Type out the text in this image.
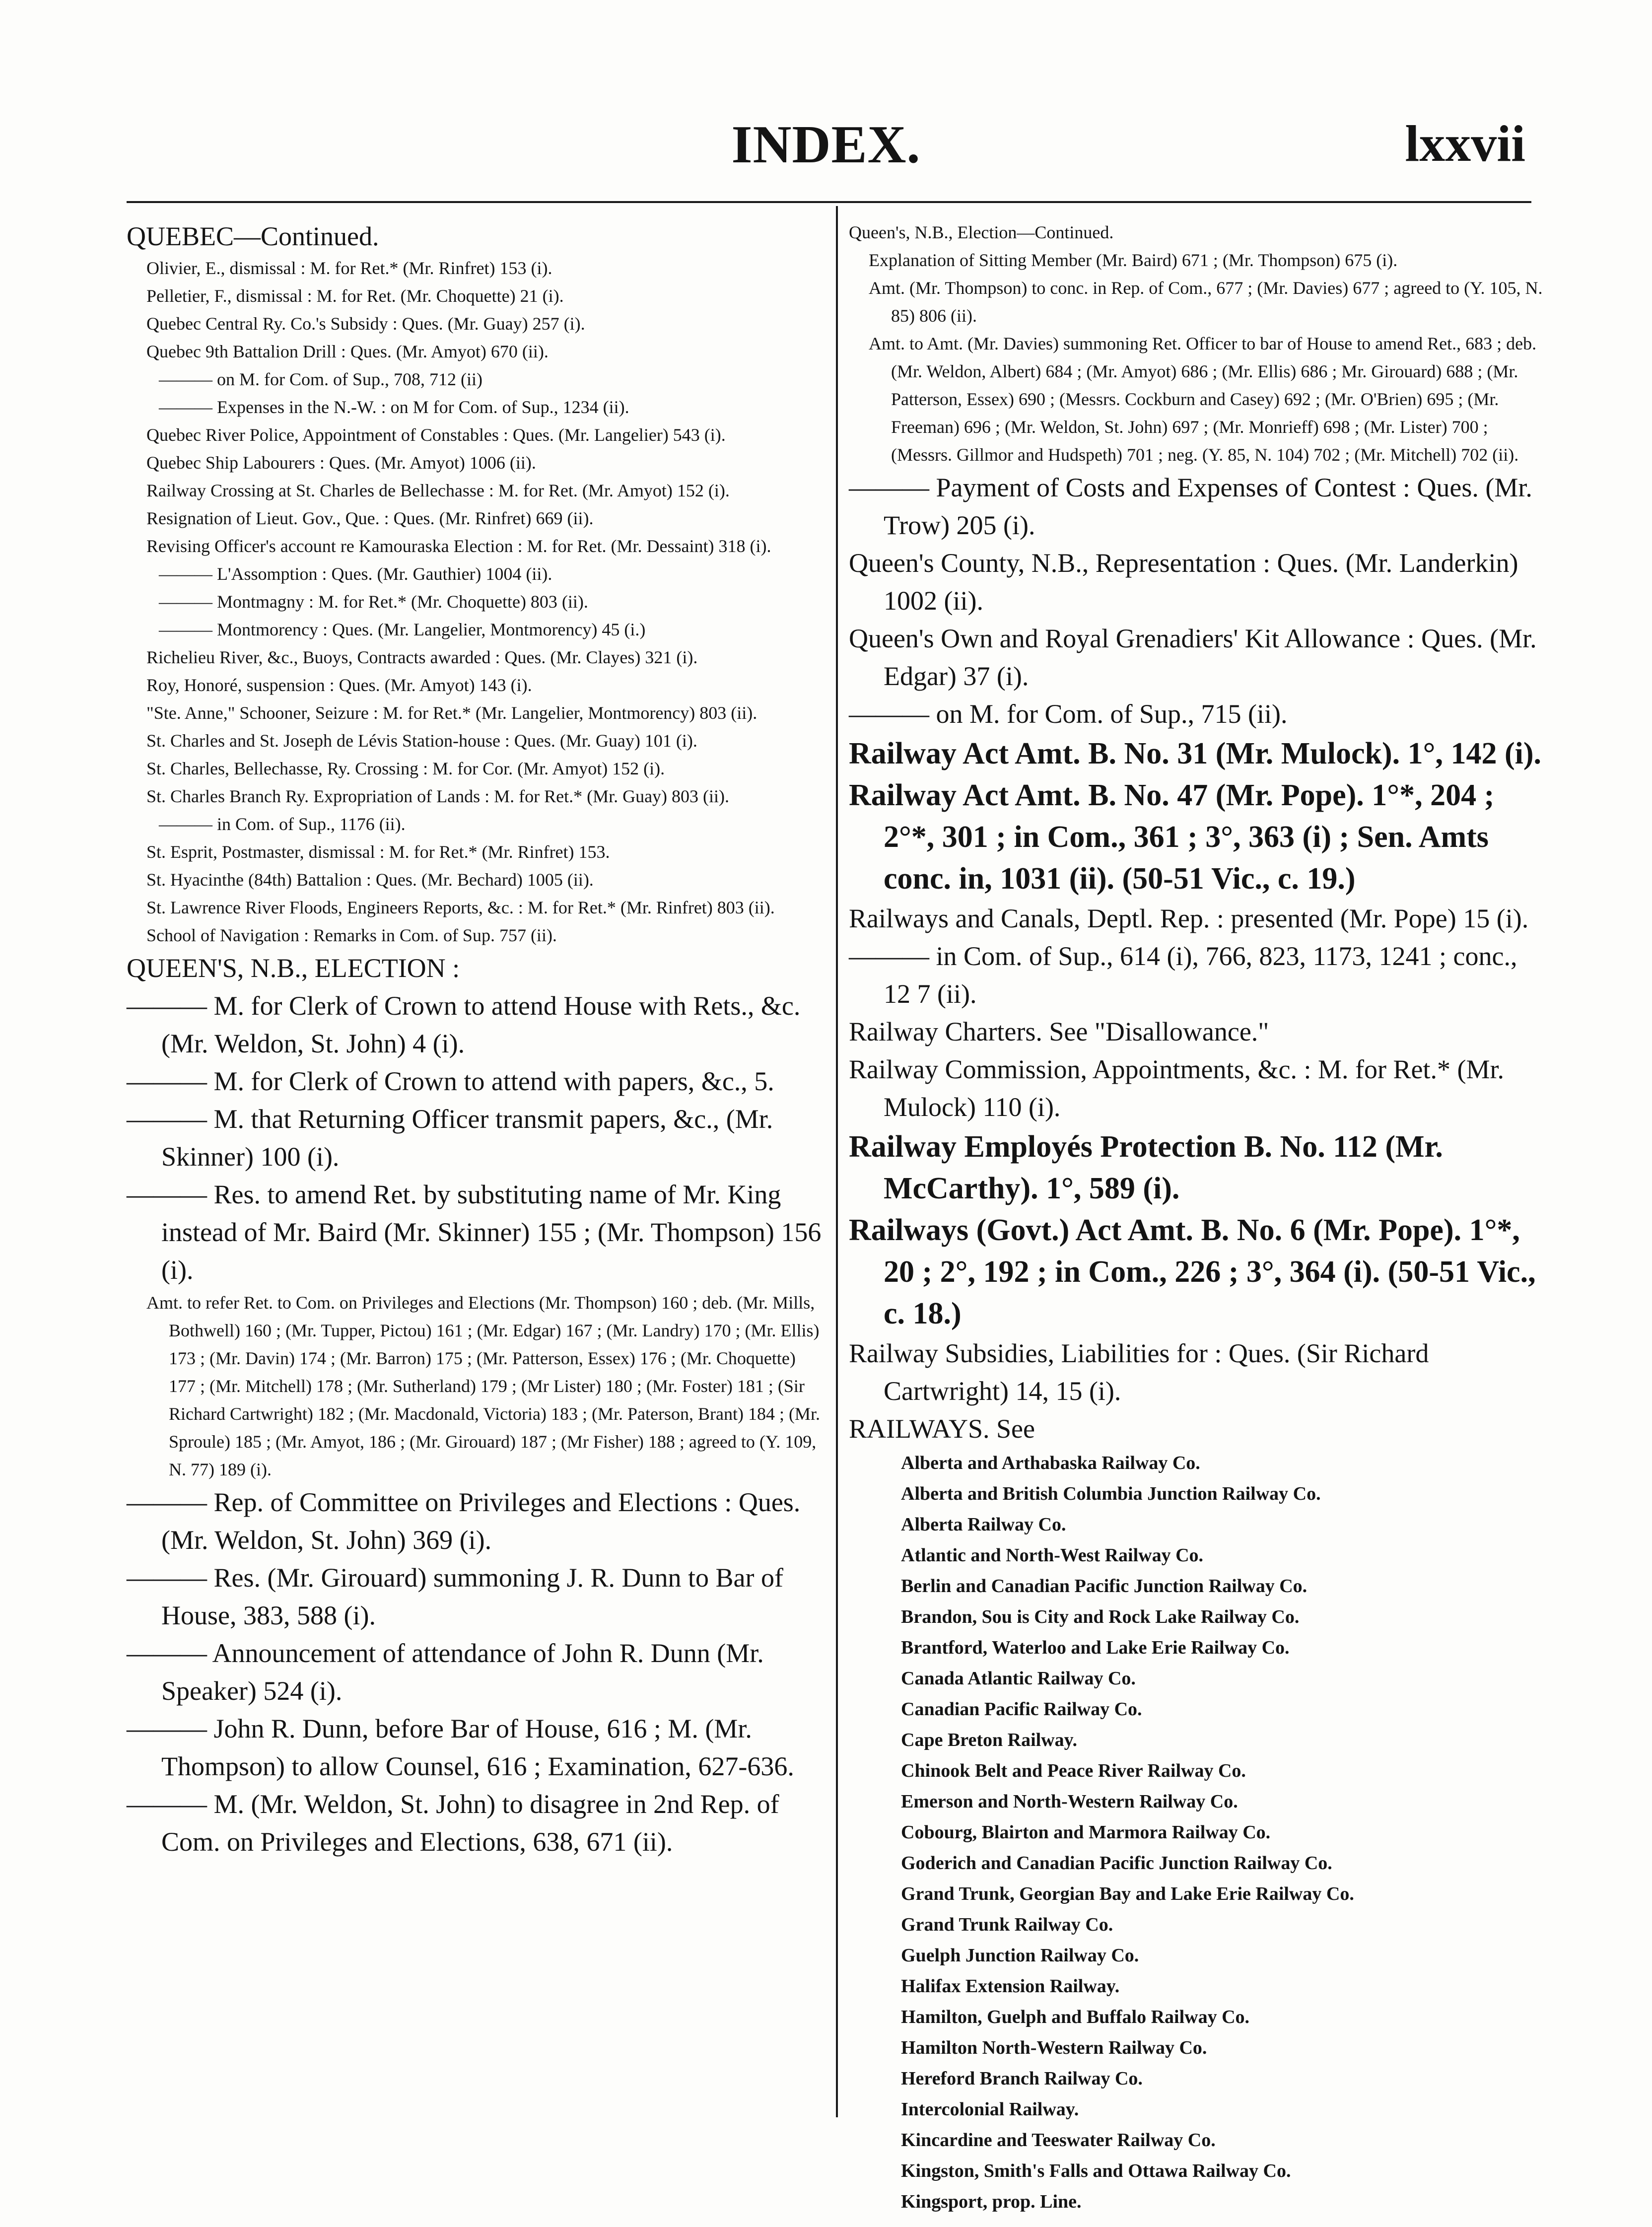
INDEX.	lxxvii

QUEBEC—Continued.

Olivier, E., dismissal : M. for Ret.* (Mr. Rinfret) 153 (i).

Pelletier, F., dismissal : M. for Ret. (Mr. Choquette) 21 (i).

Quebec Central Ry. Co.'s Subsidy : Ques. (Mr. Guay) 257 (i).

Quebec 9th Battalion Drill : Ques. (Mr. Amyot) 670 (ii).

——— on M. for Com. of Sup., 708, 712 (ii)

——— Expenses in the N.-W. : on M for Com. of Sup., 1234 (ii).

Quebec River Police, Appointment of Constables : Ques. (Mr. Langelier) 543 (i).

Quebec Ship Labourers : Ques. (Mr. Amyot) 1006 (ii).

Railway Crossing at St. Charles de Bellechasse : M. for Ret. (Mr. Amyot) 152 (i).

Resignation of Lieut. Gov., Que. : Ques. (Mr. Rinfret) 669 (ii).

Revising Officer's account re Kamouraska Election : M. for Ret. (Mr. Dessaint) 318 (i).

——— L'Assomption : Ques. (Mr. Gauthier) 1004 (ii).

——— Montmagny : M. for Ret.* (Mr. Choquette) 803 (ii).

——— Montmorency : Ques. (Mr. Langelier, Montmorency) 45 (i.)

Richelieu River, &c., Buoys, Contracts awarded : Ques. (Mr. Clayes) 321 (i).

Roy, Honoré, suspension : Ques. (Mr. Amyot) 143 (i).

"Ste. Anne," Schooner, Seizure : M. for Ret.* (Mr. Langelier, Montmorency) 803 (ii).

St. Charles and St. Joseph de Lévis Station-house : Ques. (Mr. Guay) 101 (i).

St. Charles, Bellechasse, Ry. Crossing : M. for Cor. (Mr. Amyot) 152 (i).

St. Charles Branch Ry. Expropriation of Lands : M. for Ret.* (Mr. Guay) 803 (ii).

——— in Com. of Sup., 1176 (ii).

St. Esprit, Postmaster, dismissal : M. for Ret.* (Mr. Rinfret) 153.

St. Hyacinthe (84th) Battalion : Ques. (Mr. Bechard) 1005 (ii).

St. Lawrence River Floods, Engineers Reports, &c. : M. for Ret.* (Mr. Rinfret) 803 (ii).

School of Navigation : Remarks in Com. of Sup. 757 (ii).

QUEEN'S, N.B., ELECTION :

——— M. for Clerk of Crown to attend House with Rets., &c. (Mr. Weldon, St. John) 4 (i).

——— M. for Clerk of Crown to attend with papers, &c., 5.

——— M. that Returning Officer transmit papers, &c., (Mr. Skinner) 100 (i).

——— Res. to amend Ret. by substituting name of Mr. King instead of Mr. Baird (Mr. Skinner) 155 ; (Mr. Thompson) 156 (i).

Amt. to refer Ret. to Com. on Privileges and Elections (Mr. Thompson) 160 ; deb. (Mr. Mills, Bothwell) 160 ; (Mr. Tupper, Pictou) 161 ; (Mr. Edgar) 167 ; (Mr. Landry) 170 ; (Mr. Ellis) 173 ; (Mr. Davin) 174 ; (Mr. Barron) 175 ; (Mr. Patterson, Essex) 176 ; (Mr. Choquette) 177 ; (Mr. Mitchell) 178 ; (Mr. Sutherland) 179 ; (Mr Lister) 180 ; (Mr. Foster) 181 ; (Sir Richard Cartwright) 182 ; (Mr. Macdonald, Victoria) 183 ; (Mr. Paterson, Brant) 184 ; (Mr. Sproule) 185 ; (Mr. Amyot, 186 ; (Mr. Girouard) 187 ; (Mr Fisher) 188 ; agreed to (Y. 109, N. 77) 189 (i).

——— Rep. of Committee on Privileges and Elections : Ques. (Mr. Weldon, St. John) 369 (i).

——— Res. (Mr. Girouard) summoning J. R. Dunn to Bar of House, 383, 588 (i).

——— Announcement of attendance of John R. Dunn (Mr. Speaker) 524 (i).

——— John R. Dunn, before Bar of House, 616 ; M. (Mr. Thompson) to allow Counsel, 616 ; Examination, 627-636.

——— M. (Mr. Weldon, St. John) to disagree in 2nd Rep. of Com. on Privileges and Elections, 638, 671 (ii).

Queen's, N.B., Election—Continued.

Explanation of Sitting Member (Mr. Baird) 671 ; (Mr. Thompson) 675 (i).

Amt. (Mr. Thompson) to conc. in Rep. of Com., 677 ; (Mr. Davies) 677 ; agreed to (Y. 105, N. 85) 806 (ii).

Amt. to Amt. (Mr. Davies) summoning Ret. Officer to bar of House to amend Ret., 683 ; deb. (Mr. Weldon, Albert) 684 ; (Mr. Amyot) 686 ; (Mr. Ellis) 686 ; Mr. Girouard) 688 ; (Mr. Patterson, Essex) 690 ; (Messrs. Cockburn and Casey) 692 ; (Mr. O'Brien) 695 ; (Mr. Freeman) 696 ; (Mr. Weldon, St. John) 697 ; (Mr. Monrieff) 698 ; (Mr. Lister) 700 ; (Messrs. Gillmor and Hudspeth) 701 ; neg. (Y. 85, N. 104) 702 ; (Mr. Mitchell) 702 (ii).

——— Payment of Costs and Expenses of Contest : Ques. (Mr. Trow) 205 (i).

Queen's County, N.B., Representation : Ques. (Mr. Landerkin) 1002 (ii).

Queen's Own and Royal Grenadiers' Kit Allowance : Ques. (Mr. Edgar) 37 (i).

——— on M. for Com. of Sup., 715 (ii).

Railway Act Amt. B. No. 31 (Mr. Mulock). 1°, 142 (i).

Railway Act Amt. B. No. 47 (Mr. Pope). 1°*, 204 ; 2°*, 301 ; in Com., 361 ; 3°, 363 (i) ; Sen. Amts conc. in, 1031 (ii). (50-51 Vic., c. 19.)

Railways and Canals, Deptl. Rep. : presented (Mr. Pope) 15 (i).

——— in Com. of Sup., 614 (i), 766, 823, 1173, 1241 ; conc., 12 7 (ii).

Railway Charters. See "Disallowance."

Railway Commission, Appointments, &c. : M. for Ret.* (Mr. Mulock) 110 (i).

Railway Employés Protection B. No. 112 (Mr. McCarthy). 1°, 589 (i).

Railways (Govt.) Act Amt. B. No. 6 (Mr. Pope). 1°*, 20 ; 2°, 192 ; in Com., 226 ; 3°, 364 (i). (50-51 Vic., c. 18.)

Railway Subsidies, Liabilities for : Ques. (Sir Richard Cartwright) 14, 15 (i).

RAILWAYS. See

Alberta and Arthabaska Railway Co.

Alberta and British Columbia Junction Railway Co.

Alberta Railway Co.

Atlantic and North-West Railway Co.

Berlin and Canadian Pacific Junction Railway Co.

Brandon, Sou is City and Rock Lake Railway Co.

Brantford, Waterloo and Lake Erie Railway Co.

Canada Atlantic Railway Co.

Canadian Pacific Railway Co.

Cape Breton Railway.

Chinook Belt and Peace River Railway Co.

Emerson and North-Western Railway Co.

Cobourg, Blairton and Marmora Railway Co.

Goderich and Canadian Pacific Junction Railway Co.

Grand Trunk, Georgian Bay and Lake Erie Railway Co.

Grand Trunk Railway Co.

Guelph Junction Railway Co.

Halifax Extension Railway.

Hamilton, Guelph and Buffalo Railway Co.

Hamilton North-Western Railway Co.

Hereford Branch Railway Co.

Intercolonial Railway.

Kincardine and Teeswater Railway Co.

Kingston, Smith's Falls and Ottawa Railway Co.

Kingsport, prop. Line.
